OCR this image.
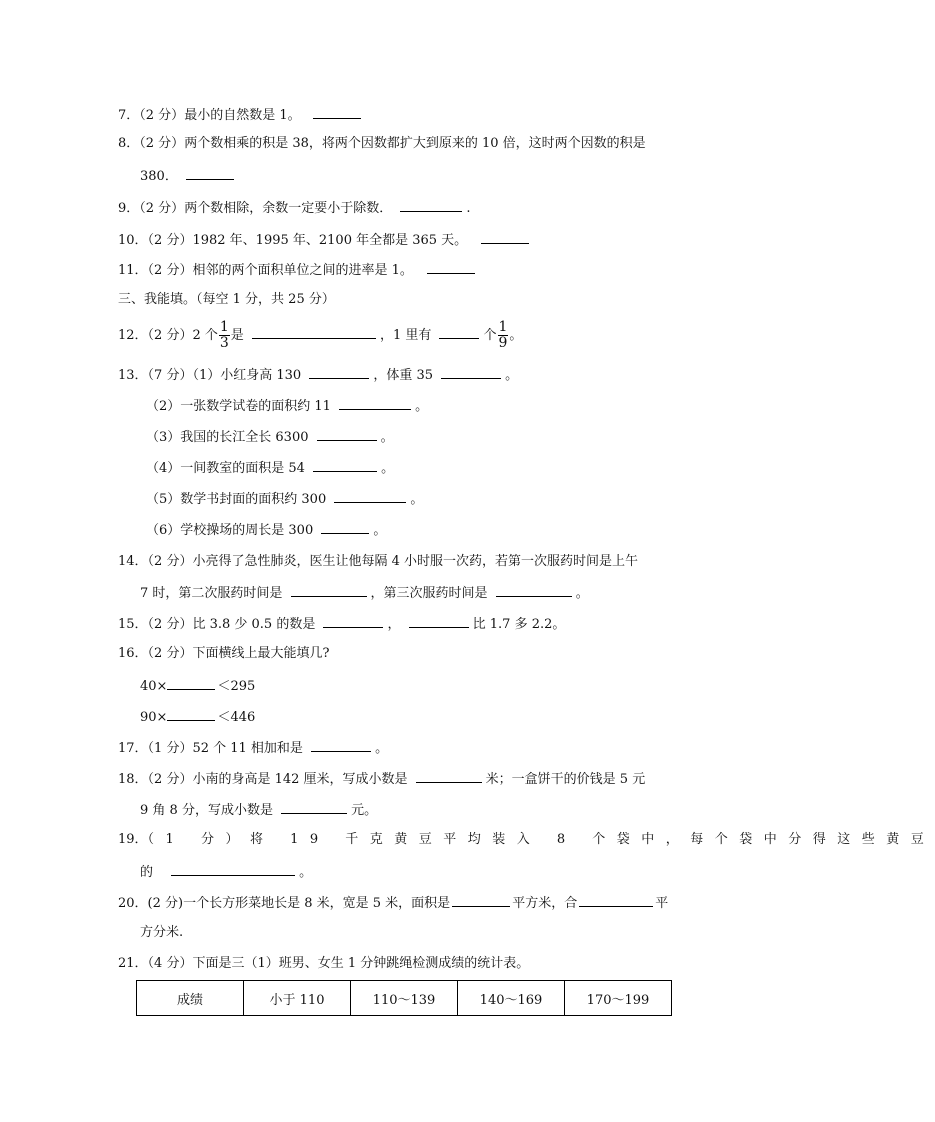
7．（2 分）最小的自然数是 1。
8．（2 分）两个数相乘的积是 38，将两个因数都扩大到原来的 10 倍，这时两个因数的积是
380．
9．（2 分）两个数相除，余数一定要小于除数．	.
10．（2 分）1982 年、1995 年、2100 年全都是 365 天。
11．（2 分）相邻的两个面积单位之间的进率是 1。
三、我能填。（每空 1 分，共 25 分）
12．（2 分）2 个 $\frac{1}{3}$ 是	，1 里有	个 $\frac{1}{9}$ 。
13．（7 分）（1）小红身高 130	，体重 35	。
（2）一张数学试卷的面积约 11	。
（3）我国的长江全长 6300	。
（4）一间教室的面积是 54	。
（5）数学书封面的面积约 300	。
（6）学校操场的周长是 300	。
14．（2 分）小亮得了急性肺炎，医生让他每隔 4 小时服一次药，若第一次服药时间是上午
7 时，第二次服药时间是	，第三次服药时间是	。
15．（2 分）比 3.8 少 0.5 的数是	，	比 1.7 多 2.2。
16．（2 分）下面横线上最大能填几?
40×	＜295
90×	＜446
17．（1 分）52 个 11 相加和是	。
18．（2 分）小南的身高是 142 厘米，写成小数是	米；一盒饼干的价钱是 5 元
9 角 8 分，写成小数是	元。
19．（1 分）将 19 千克黄豆平均装入 8 个袋中，每个袋中分得这些黄豆
的	。
20．(2 分)一个长方形菜地长是 8 米，宽是 5 米，面积是	平方米，合	平
方分米.
21．（4 分）下面是三（1）班男、女生 1 分钟跳绳检测成绩的统计表。
成绩	小于 110	110～139	140～169	170～199
